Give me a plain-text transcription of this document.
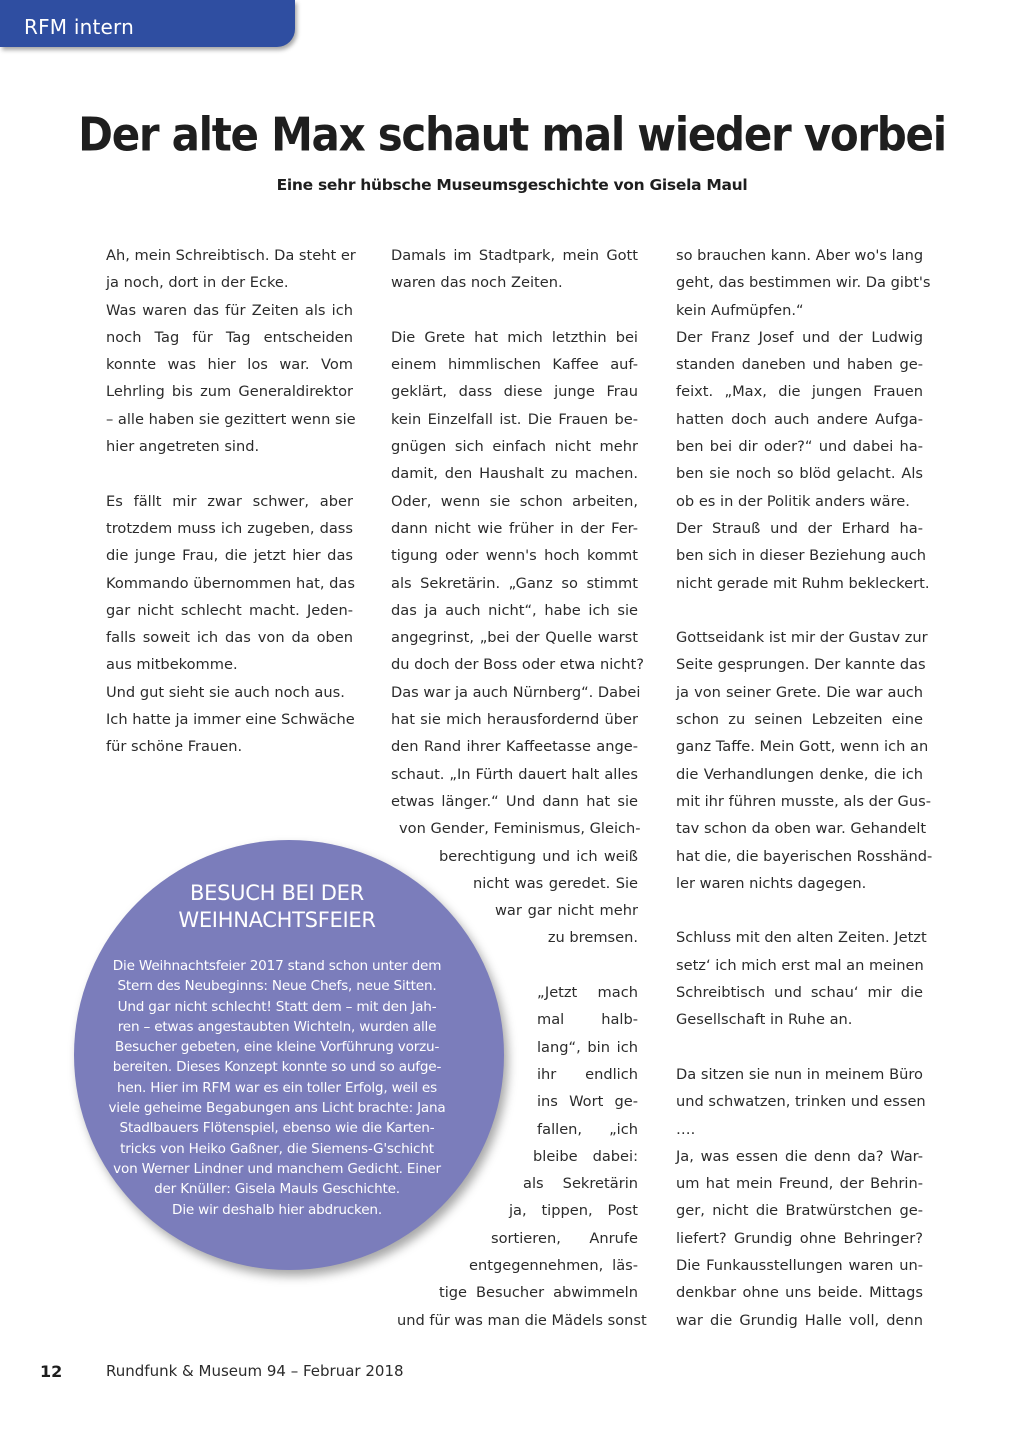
RFM intern
Der alte Max schaut mal wieder vorbei
Eine sehr hübsche Museumsgeschichte von Gisela Maul
Ah, mein Schreibtisch. Da steht er
ja noch, dort in der Ecke.
Was waren das für Zeiten als ich
noch Tag für Tag entscheiden
konnte was hier los war. Vom
Lehrling bis zum Generaldirektor
– alle haben sie gezittert wenn sie
hier angetreten sind.
Es fällt mir zwar schwer, aber
trotzdem muss ich zugeben, dass
die junge Frau, die jetzt hier das
Kommando übernommen hat, das
gar nicht schlecht macht. Jeden-
falls soweit ich das von da oben
aus mitbekomme.
Und gut sieht sie auch noch aus.
Ich hatte ja immer eine Schwäche
für schöne Frauen.
Damals im Stadtpark, mein Gott
waren das noch Zeiten.
Die Grete hat mich letzthin bei
einem himmlischen Kaffee auf-
geklärt, dass diese junge Frau
kein Einzelfall ist. Die Frauen be-
gnügen sich einfach nicht mehr
damit, den Haushalt zu machen.
Oder, wenn sie schon arbeiten,
dann nicht wie früher in der Fer-
tigung oder wenn's hoch kommt
als Sekretärin. „Ganz so stimmt
das ja auch nicht“, habe ich sie
angegrinst, „bei der Quelle warst
du doch der Boss oder etwa nicht?
Das war ja auch Nürnberg“. Dabei
hat sie mich herausfordernd über
den Rand ihrer Kaffeetasse ange-
schaut. „In Fürth dauert halt alles
etwas länger.“ Und dann hat sie
von Gender, Feminismus, Gleich-
berechtigung und ich weiß
nicht was geredet. Sie
war gar nicht mehr
zu bremsen.
„Jetzt mach
mal halb-
lang“, bin ich
ihr endlich
ins Wort ge-
fallen, „ich
bleibe dabei:
als Sekretärin
ja, tippen, Post
sortieren, Anrufe
entgegennehmen, läs-
tige Besucher abwimmeln
und für was man die Mädels sonst
so brauchen kann. Aber wo's lang
geht, das bestimmen wir. Da gibt's
kein Aufmüpfen.“
Der Franz Josef und der Ludwig
standen daneben und haben ge-
feixt. „Max, die jungen Frauen
hatten doch auch andere Aufga-
ben bei dir oder?“ und dabei ha-
ben sie noch so blöd gelacht. Als
ob es in der Politik anders wäre.
Der Strauß und der Erhard ha-
ben sich in dieser Beziehung auch
nicht gerade mit Ruhm bekleckert.
Gottseidank ist mir der Gustav zur
Seite gesprungen. Der kannte das
ja von seiner Grete. Die war auch
schon zu seinen Lebzeiten eine
ganz Taffe. Mein Gott, wenn ich an
die Verhandlungen denke, die ich
mit ihr führen musste, als der Gus-
tav schon da oben war. Gehandelt
hat die, die bayerischen Rosshänd-
ler waren nichts dagegen.
Schluss mit den alten Zeiten. Jetzt
setz‘ ich mich erst mal an meinen
Schreibtisch und schau‘ mir die
Gesellschaft in Ruhe an.
Da sitzen sie nun in meinem Büro
und schwatzen, trinken und essen
….
Ja, was essen die denn da? War-
um hat mein Freund, der Behrin-
ger, nicht die Bratwürstchen ge-
liefert? Grundig ohne Behringer?
Die Funkausstellungen waren un-
denkbar ohne uns beide. Mittags
war die Grundig Halle voll, denn
BESUCH BEI DER
WEIHNACHTSFEIER
Die Weihnachtsfeier 2017 stand schon unter dem
Stern des Neubeginns: Neue Chefs, neue Sitten.
Und gar nicht schlecht! Statt dem – mit den Jah-
ren – etwas angestaubten Wichteln, wurden alle
Besucher gebeten, eine kleine Vorführung vorzu-
bereiten. Dieses Konzept konnte so und so aufge-
hen. Hier im RFM war es ein toller Erfolg, weil es
viele geheime Begabungen ans Licht brachte: Jana
Stadlbauers Flötenspiel, ebenso wie die Karten-
tricks von Heiko Gaßner, die Siemens-G'schicht
von Werner Lindner und manchem Gedicht. Einer
der Knüller: Gisela Mauls Geschichte.
Die wir deshalb hier abdrucken.
12	Rundfunk & Museum 94 – Februar 2018
